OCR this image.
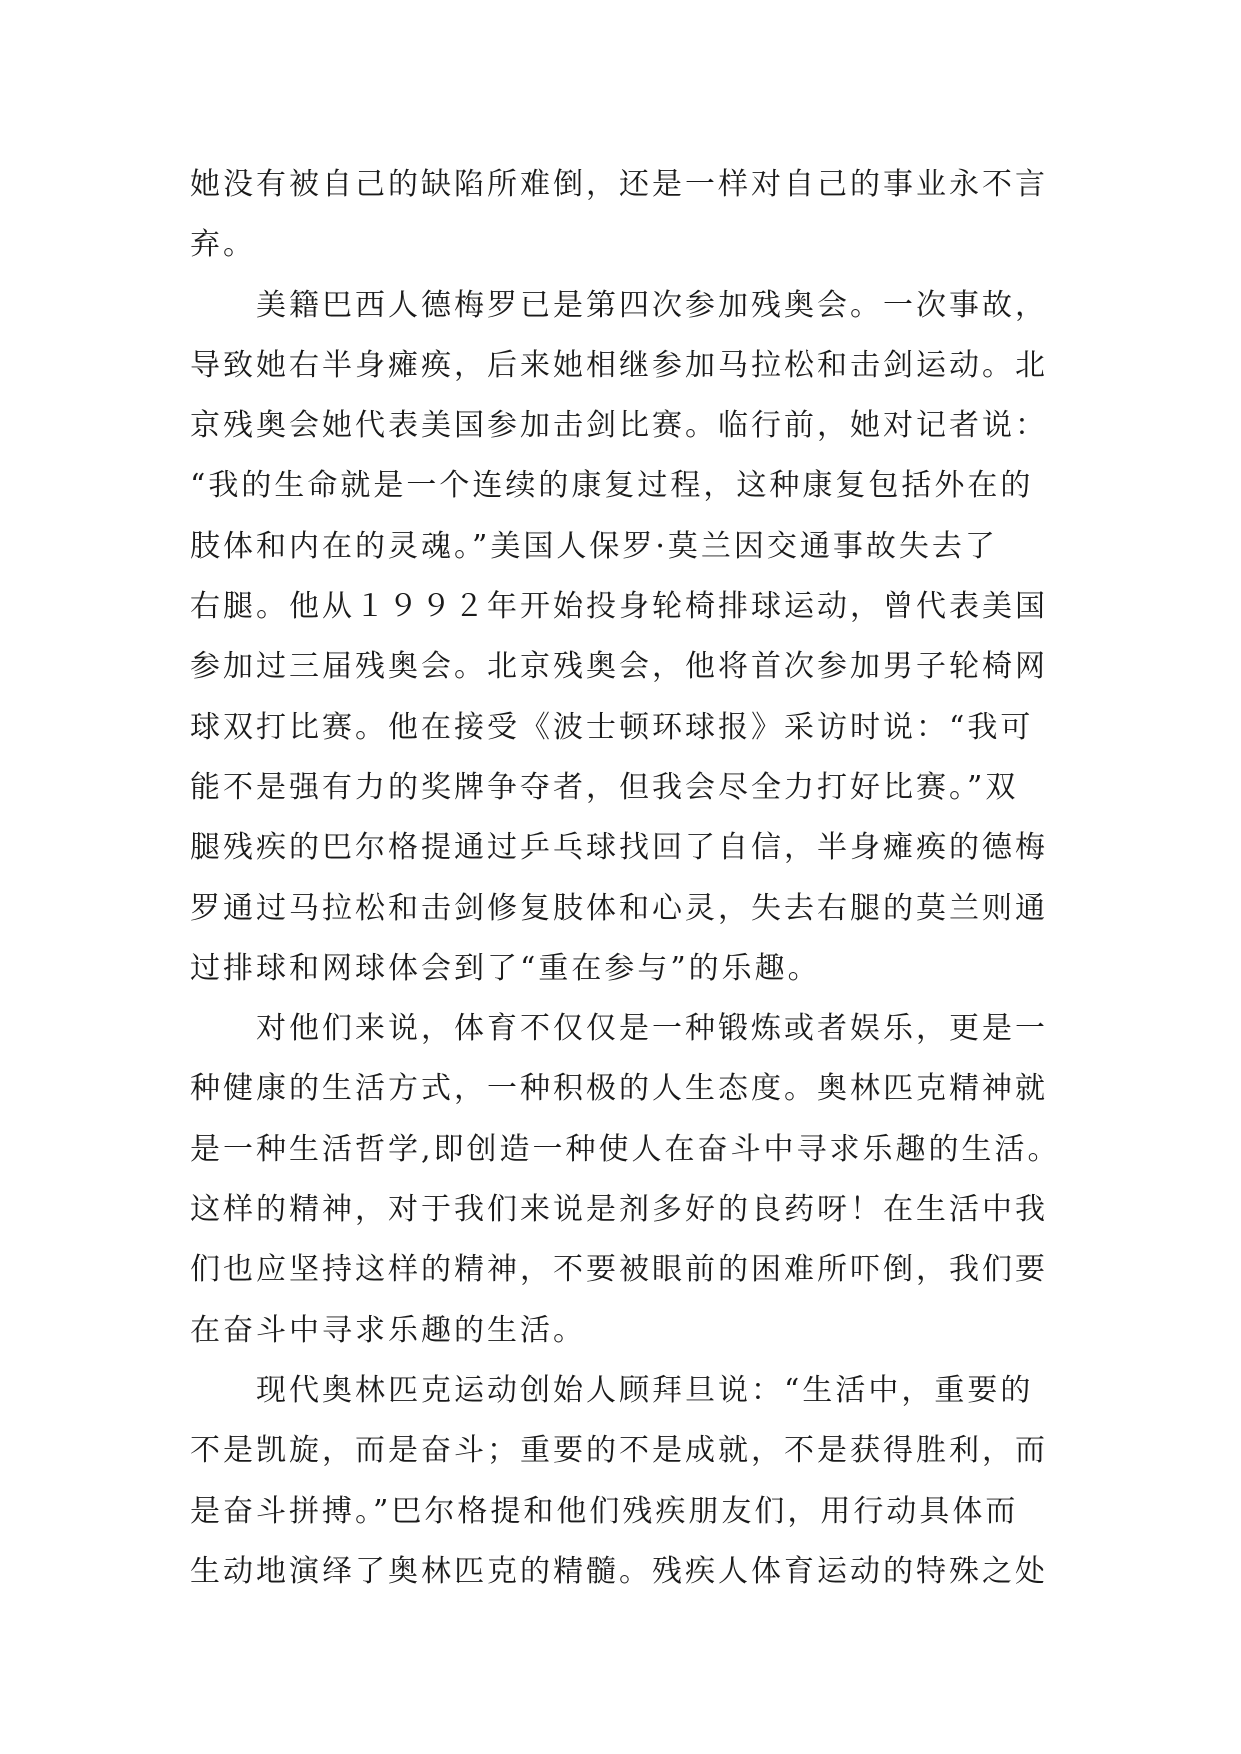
她没有被自己的缺陷所难倒，还是一样对自己的事业永不言
弃。
　　美籍巴西人德梅罗已是第四次参加残奥会。一次事故，
导致她右半身瘫痪，后来她相继参加马拉松和击剑运动。北
京残奥会她代表美国参加击剑比赛。临行前，她对记者说：
“我的生命就是一个连续的康复过程，这种康复包括外在的
肢体和内在的灵魂。”美国人保罗·莫兰因交通事故失去了
右腿。他从１９９２年开始投身轮椅排球运动，曾代表美国
参加过三届残奥会。北京残奥会，他将首次参加男子轮椅网
球双打比赛。他在接受《波士顿环球报》采访时说：“我可
能不是强有力的奖牌争夺者，但我会尽全力打好比赛。”双
腿残疾的巴尔格提通过乒乓球找回了自信，半身瘫痪的德梅
罗通过马拉松和击剑修复肢体和心灵，失去右腿的莫兰则通
过排球和网球体会到了“重在参与”的乐趣。
　　对他们来说，体育不仅仅是一种锻炼或者娱乐，更是一
种健康的生活方式，一种积极的人生态度。奥林匹克精神就
是一种生活哲学,即创造一种使人在奋斗中寻求乐趣的生活。
这样的精神，对于我们来说是剂多好的良药呀！在生活中我
们也应坚持这样的精神，不要被眼前的困难所吓倒，我们要
在奋斗中寻求乐趣的生活。
　　现代奥林匹克运动创始人顾拜旦说：“生活中，重要的
不是凯旋，而是奋斗；重要的不是成就，不是获得胜利，而
是奋斗拼搏。”巴尔格提和他们残疾朋友们，用行动具体而
生动地演绎了奥林匹克的精髓。残疾人体育运动的特殊之处
